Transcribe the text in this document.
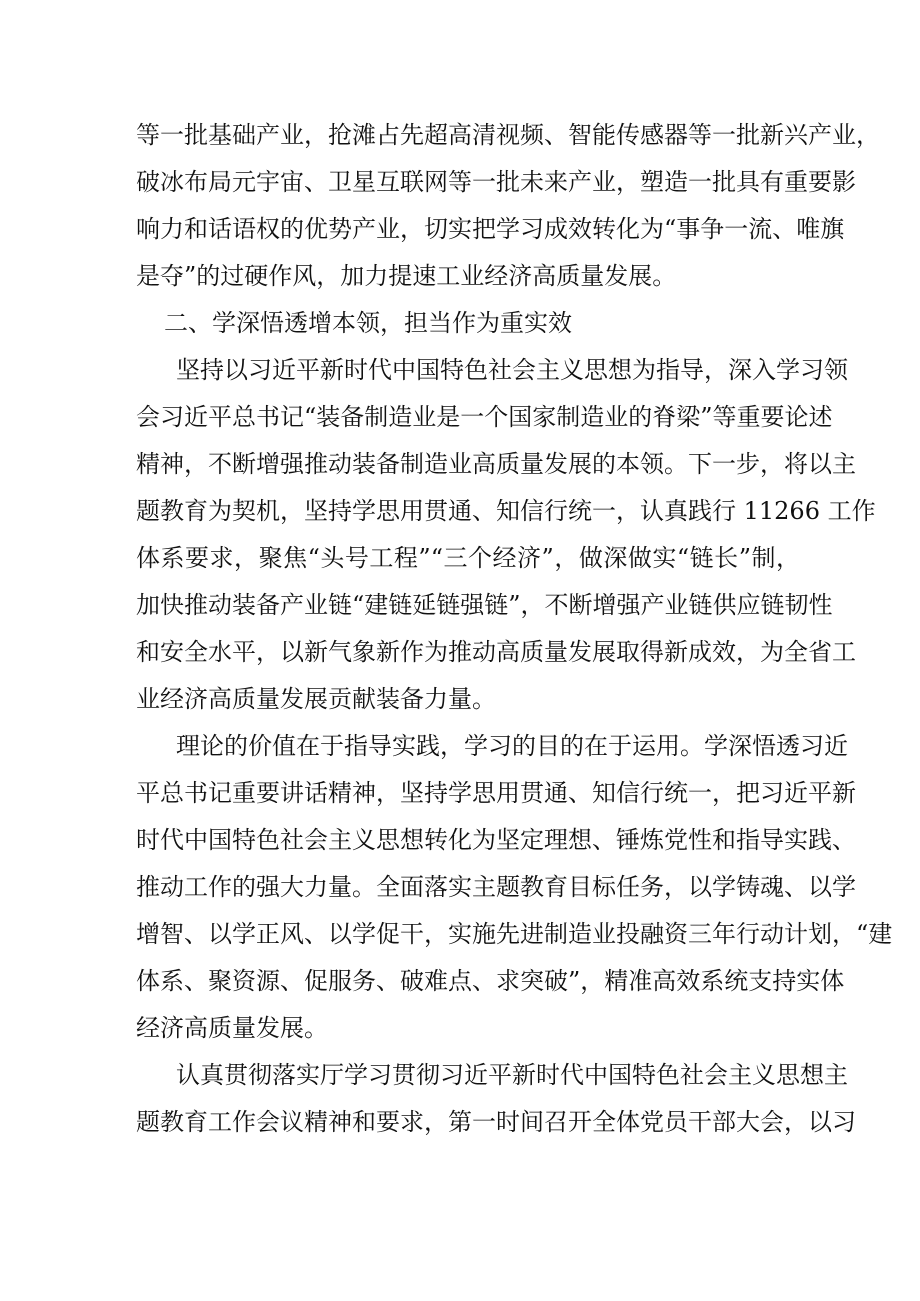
等一批基础产业，抢滩占先超高清视频、智能传感器等一批新兴产业，
破冰布局元宇宙、卫星互联网等一批未来产业，塑造一批具有重要影
响力和话语权的优势产业，切实把学习成效转化为“事争一流、唯旗
是夺”的过硬作风，加力提速工业经济高质量发展。
二、学深悟透增本领，担当作为重实效
坚持以习近平新时代中国特色社会主义思想为指导，深入学习领
会习近平总书记“装备制造业是一个国家制造业的脊梁”等重要论述
精神，不断增强推动装备制造业高质量发展的本领。下一步，将以主
题教育为契机，坚持学思用贯通、知信行统一，认真践行 11266 工作
体系要求，聚焦“头号工程”“三个经济”，做深做实“链长”制，
加快推动装备产业链“建链延链强链”，不断增强产业链供应链韧性
和安全水平，以新气象新作为推动高质量发展取得新成效，为全省工
业经济高质量发展贡献装备力量。
理论的价值在于指导实践，学习的目的在于运用。学深悟透习近
平总书记重要讲话精神，坚持学思用贯通、知信行统一，把习近平新
时代中国特色社会主义思想转化为坚定理想、锤炼党性和指导实践、
推动工作的强大力量。全面落实主题教育目标任务，以学铸魂、以学
增智、以学正风、以学促干，实施先进制造业投融资三年行动计划，“建
体系、聚资源、促服务、破难点、求突破”，精准高效系统支持实体
经济高质量发展。
认真贯彻落实厅学习贯彻习近平新时代中国特色社会主义思想主
题教育工作会议精神和要求，第一时间召开全体党员干部大会，以习
